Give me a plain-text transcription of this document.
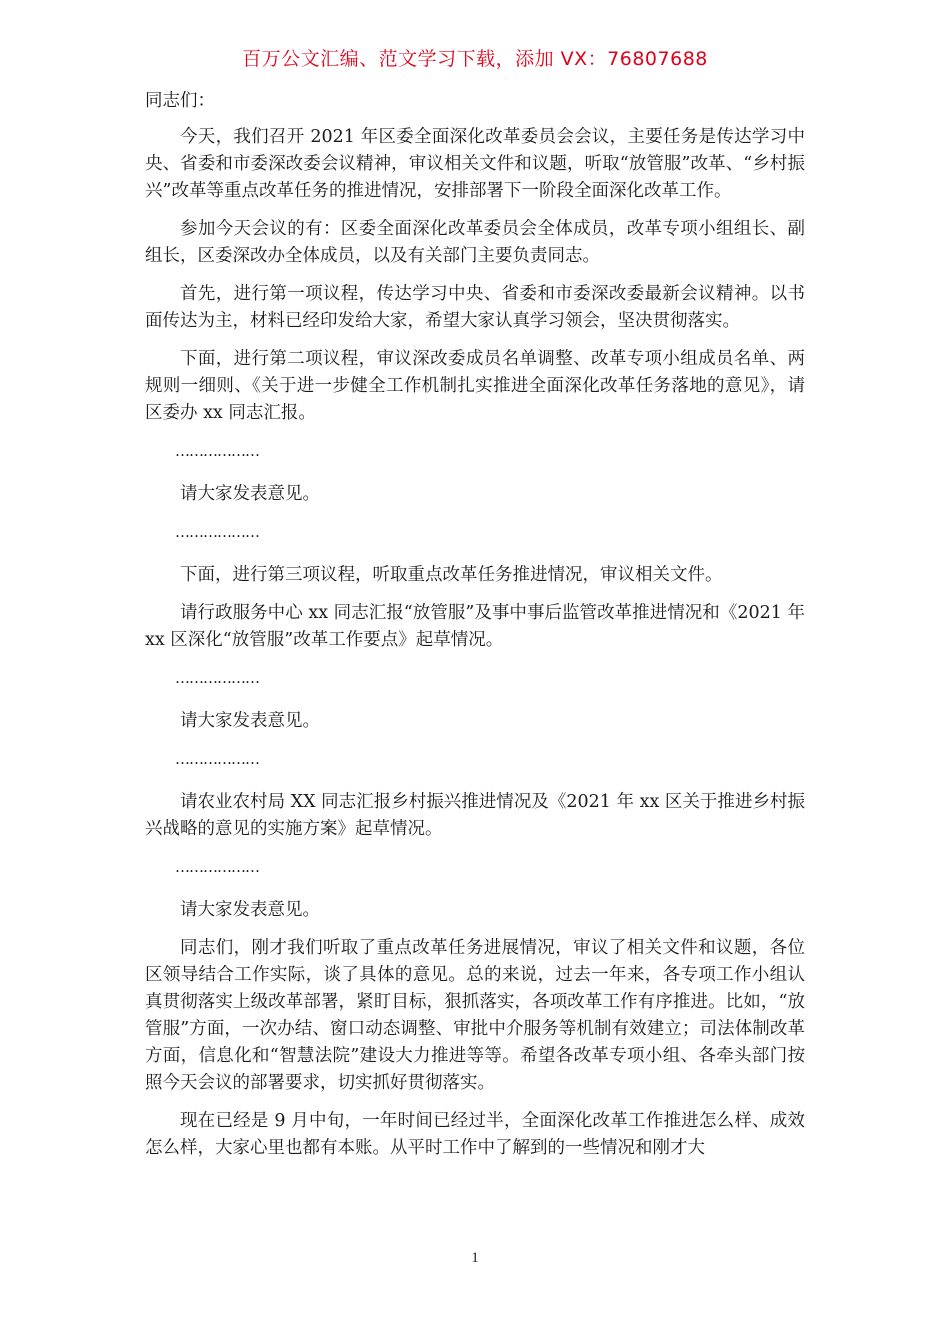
百万公文汇编、范文学习下载，添加 VX：76807688

同志们：

今天，我们召开 2021 年区委全面深化改革委员会会议，主要任务是传达学习中央、省委和市委深改委会议精神，审议相关文件和议题，听取“放管服”改革、“乡村振兴”改革等重点改革任务的推进情况，安排部署下一阶段全面深化改革工作。

参加今天会议的有：区委全面深化改革委员会全体成员，改革专项小组组长、副组长，区委深改办全体成员，以及有关部门主要负责同志。

首先，进行第一项议程，传达学习中央、省委和市委深改委最新会议精神。以书面传达为主，材料已经印发给大家，希望大家认真学习领会，坚决贯彻落实。

下面，进行第二项议程，审议深改委成员名单调整、改革专项小组成员名单、两规则一细则、《关于进一步健全工作机制扎实推进全面深化改革任务落地的意见》，请区委办 xx 同志汇报。

………………

请大家发表意见。

………………

下面，进行第三项议程，听取重点改革任务推进情况，审议相关文件。

请行政服务中心 xx 同志汇报“放管服”及事中事后监管改革推进情况和《2021 年 xx 区深化“放管服”改革工作要点》起草情况。

………………

请大家发表意见。

………………

请农业农村局 XX 同志汇报乡村振兴推进情况及《2021 年 xx 区关于推进乡村振兴战略的意见的实施方案》起草情况。

………………

请大家发表意见。

同志们，刚才我们听取了重点改革任务进展情况，审议了相关文件和议题，各位区领导结合工作实际，谈了具体的意见。总的来说，过去一年来，各专项工作小组认真贯彻落实上级改革部署，紧盯目标，狠抓落实，各项改革工作有序推进。比如，“放管服”方面，一次办结、窗口动态调整、审批中介服务等机制有效建立；司法体制改革方面，信息化和“智慧法院”建设大力推进等等。希望各改革专项小组、各牵头部门按照今天会议的部署要求，切实抓好贯彻落实。

现在已经是 9 月中旬，一年时间已经过半，全面深化改革工作推进怎么样、成效怎么样，大家心里也都有本账。从平时工作中了解到的一些情况和刚才大

1
